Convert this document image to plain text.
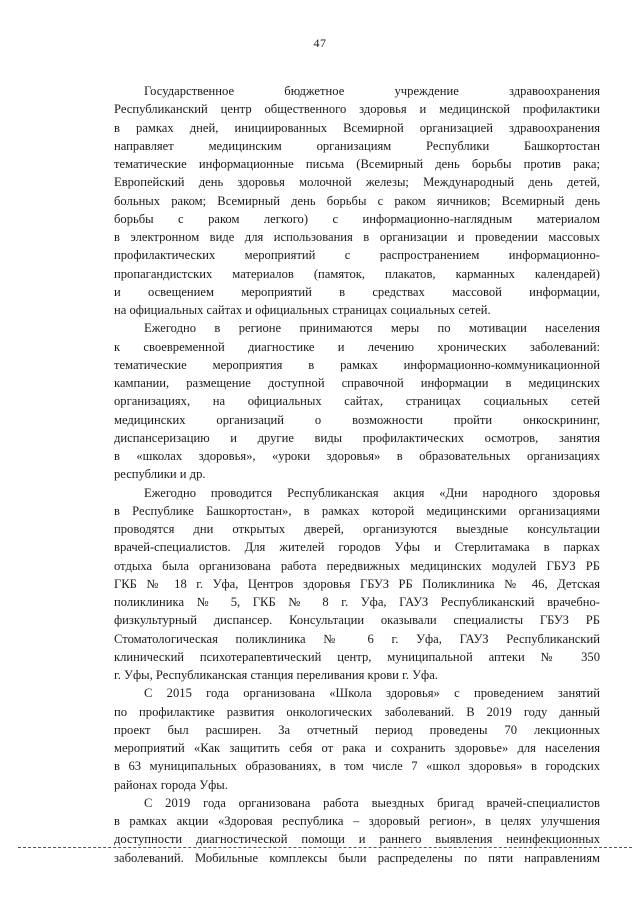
47
Государственное бюджетное учреждение здравоохранения
Республиканский центр общественного здоровья и медицинской профилактики
в рамках дней, инициированных Всемирной организацией здравоохранения
направляет медицинским организациям Республики Башкортостан
тематические информационные письма (Всемирный день борьбы против рака;
Европейский день здоровья молочной железы; Международный день детей,
больных раком; Всемирный день борьбы с раком яичников; Всемирный день
борьбы с раком легкого) с информационно-наглядным материалом
в электронном виде для использования в организации и проведении массовых
профилактических мероприятий с распространением информационно-
пропагандистских материалов (памяток, плакатов, карманных календарей)
и освещением мероприятий в средствах массовой информации,
на официальных сайтах и официальных страницах социальных сетей.
Ежегодно в регионе принимаются меры по мотивации населения
к своевременной диагностике и лечению хронических заболеваний:
тематические мероприятия в рамках информационно-коммуникационной
кампании, размещение доступной справочной информации в медицинских
организациях, на официальных сайтах, страницах социальных сетей
медицинских организаций о возможности пройти онкоскрининг,
диспансеризацию и другие виды профилактических осмотров, занятия
в «школах здоровья», «уроки здоровья» в образовательных организациях
республики и др.
Ежегодно проводится Республиканская акция «Дни народного здоровья
в Республике Башкортостан», в рамках которой медицинскими организациями
проводятся дни открытых дверей, организуются выездные консультации
врачей-специалистов. Для жителей городов Уфы и Стерлитамака в парках
отдыха была организована работа передвижных медицинских модулей ГБУЗ РБ
ГКБ № 18 г. Уфа, Центров здоровья ГБУЗ РБ Поликлиника № 46, Детская
поликлиника № 5, ГКБ № 8 г. Уфа, ГАУЗ Республиканский врачебно-
физкультурный диспансер. Консультации оказывали специалисты ГБУЗ РБ
Стоматологическая поликлиника № 6 г. Уфа, ГАУЗ Республиканский
клинический психотерапевтический центр, муниципальной аптеки № 350
г. Уфы, Республиканская станция переливания крови г. Уфа.
С 2015 года организована «Школа здоровья» с проведением занятий
по профилактике развития онкологических заболеваний. В 2019 году данный
проект был расширен. За отчетный период проведены 70 лекционных
мероприятий «Как защитить себя от рака и сохранить здоровье» для населения
в 63 муниципальных образованиях, в том числе 7 «школ здоровья» в городских
районах города Уфы.
С 2019 года организована работа выездных бригад врачей-специалистов
в рамках акции «Здоровая республика – здоровый регион», в целях улучшения
доступности диагностической помощи и раннего выявления неинфекционных
заболеваний. Мобильные комплексы были распределены по пяти направлениям
